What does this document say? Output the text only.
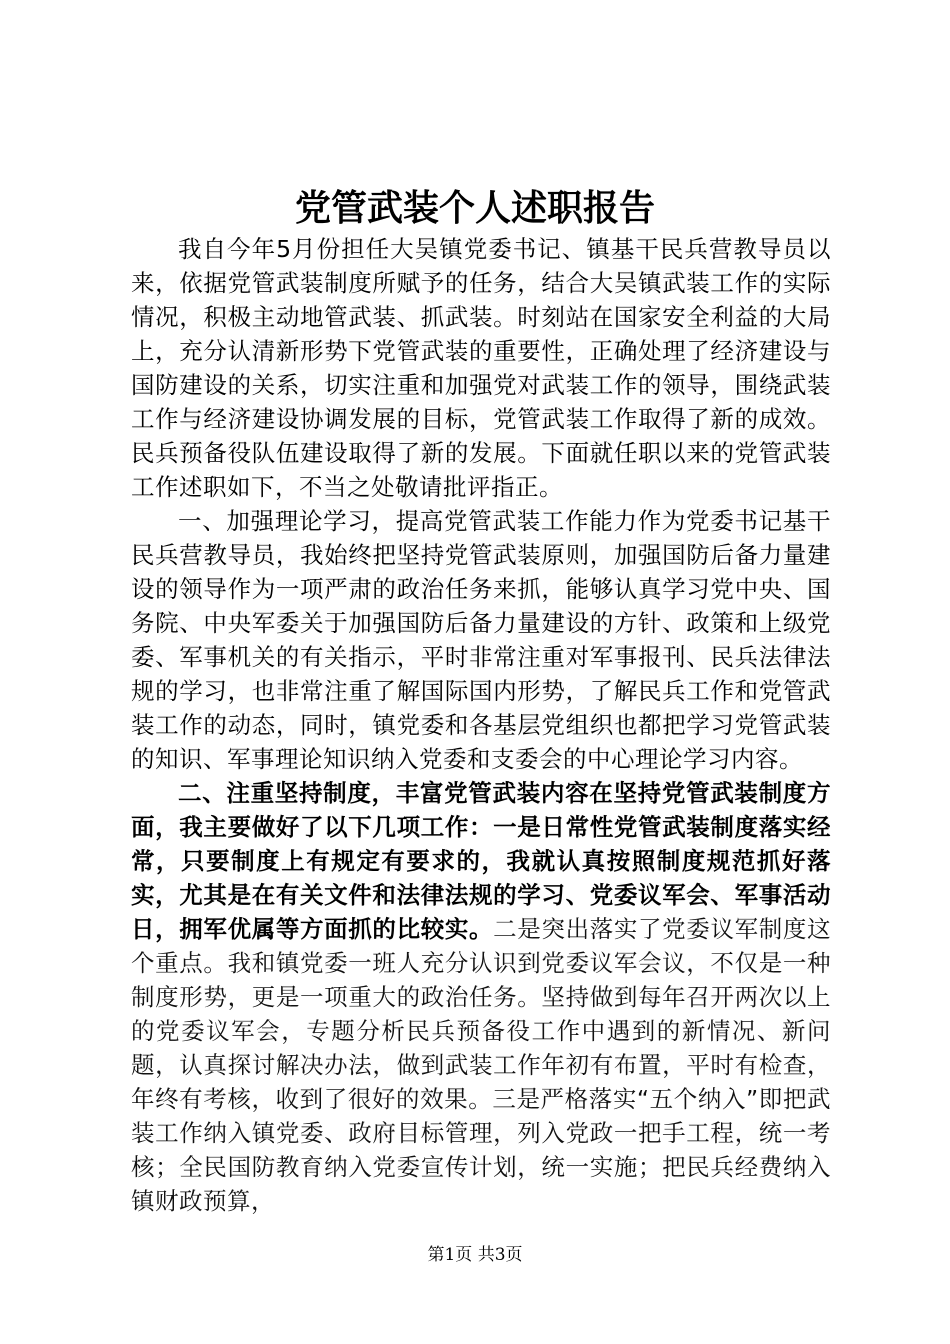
党管武装个人述职报告

我自今年5月份担任大吴镇党委书记、镇基干民兵营教导员以来，依据党管武装制度所赋予的任务，结合大吴镇武装工作的实际情况，积极主动地管武装、抓武装。时刻站在国家安全利益的大局上，充分认清新形势下党管武装的重要性，正确处理了经济建设与国防建设的关系，切实注重和加强党对武装工作的领导，围绕武装工作与经济建设协调发展的目标，党管武装工作取得了新的成效。民兵预备役队伍建设取得了新的发展。下面就任职以来的党管武装工作述职如下，不当之处敬请批评指正。

一、加强理论学习，提高党管武装工作能力作为党委书记基干民兵营教导员，我始终把坚持党管武装原则，加强国防后备力量建设的领导作为一项严肃的政治任务来抓，能够认真学习党中央、国务院、中央军委关于加强国防后备力量建设的方针、政策和上级党委、军事机关的有关指示，平时非常注重对军事报刊、民兵法律法规的学习，也非常注重了解国际国内形势，了解民兵工作和党管武装工作的动态，同时，镇党委和各基层党组织也都把学习党管武装的知识、军事理论知识纳入党委和支委会的中心理论学习内容。

二、注重坚持制度，丰富党管武装内容在坚持党管武装制度方面，我主要做好了以下几项工作：一是日常性党管武装制度落实经常，只要制度上有规定有要求的，我就认真按照制度规范抓好落实，尤其是在有关文件和法律法规的学习、党委议军会、军事活动日，拥军优属等方面抓的比较实。二是突出落实了党委议军制度这个重点。我和镇党委一班人充分认识到党委议军会议，不仅是一种制度形势，更是一项重大的政治任务。坚持做到每年召开两次以上的党委议军会，专题分析民兵预备役工作中遇到的新情况、新问题，认真探讨解决办法，做到武装工作年初有布置，平时有检查，年终有考核，收到了很好的效果。三是严格落实“五个纳入”即把武装工作纳入镇党委、政府目标管理，列入党政一把手工程，统一考核；全民国防教育纳入党委宣传计划，统一实施；把民兵经费纳入镇财政预算，

第1页 共3页
